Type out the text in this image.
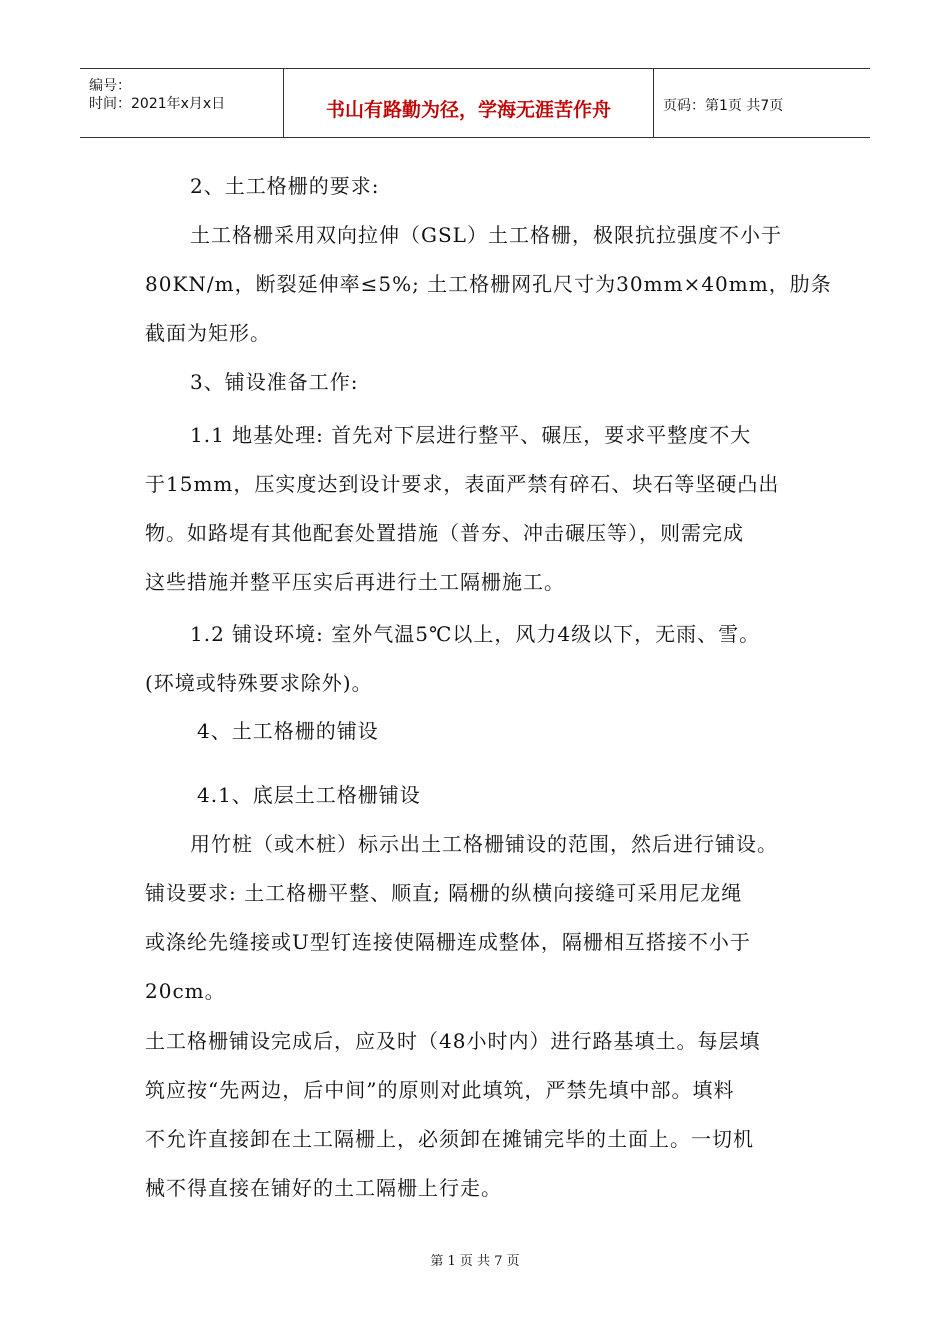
编号：
时间：2021年x月x日	书山有路勤为径，学海无涯苦作舟	页码：第1页 共7页
2、土工格栅的要求:
土工格栅采用双向拉伸（GSL）土工格栅，极限抗拉强度不小于
80KN/m，断裂延伸率≤5%; 土工格栅网孔尺寸为30mm×40mm，肋条
截面为矩形。
3、铺设准备工作:
1.1 地基处理: 首先对下层进行整平、碾压，要求平整度不大
于15mm，压实度达到设计要求，表面严禁有碎石、块石等坚硬凸出
物。如路堤有其他配套处置措施（普夯、冲击碾压等），则需完成
这些措施并整平压实后再进行土工隔栅施工。
1.2 铺设环境: 室外气温5℃以上，风力4级以下，无雨、雪。
(环境或特殊要求除外)。
4、土工格栅的铺设
4.1、底层土工格栅铺设
用竹桩（或木桩）标示出土工格栅铺设的范围，然后进行铺设。
铺设要求: 土工格栅平整、顺直; 隔栅的纵横向接缝可采用尼龙绳
或涤纶先缝接或U型钉连接使隔栅连成整体，隔栅相互搭接不小于
20cm。
土工格栅铺设完成后，应及时（48小时内）进行路基填土。每层填
筑应按“先两边，后中间”的原则对此填筑，严禁先填中部。填料
不允许直接卸在土工隔栅上，必须卸在摊铺完毕的土面上。一切机
械不得直接在铺好的土工隔栅上行走。
第 1 页 共 7 页
